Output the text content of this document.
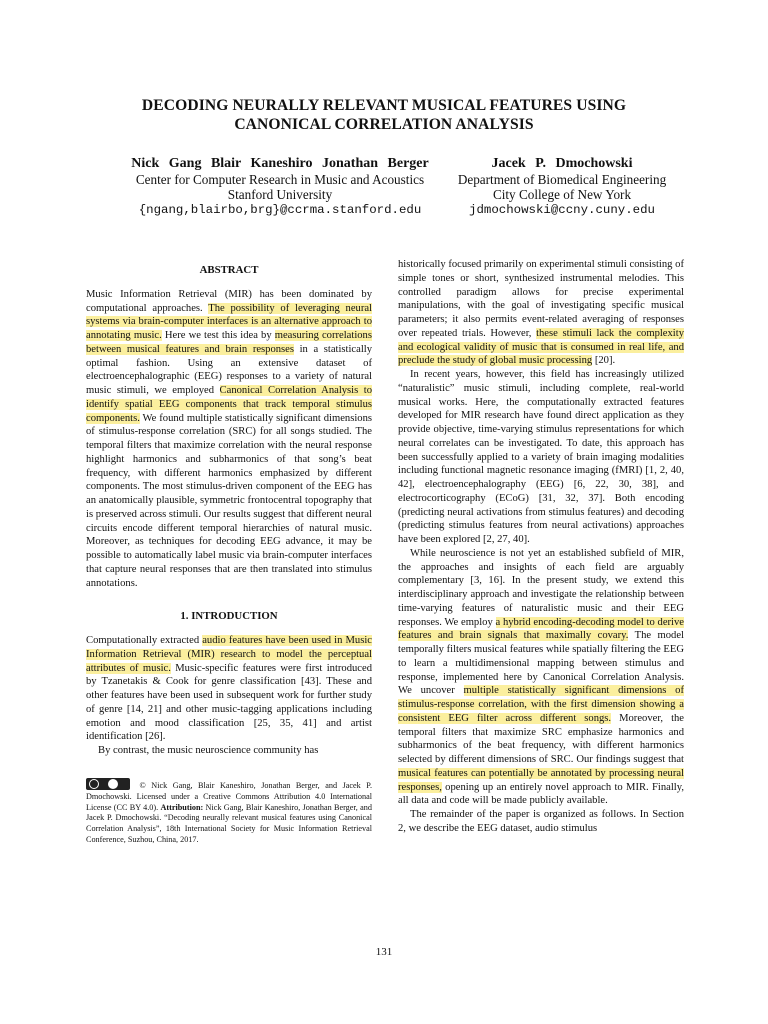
DECODING NEURALLY RELEVANT MUSICAL FEATURES USING
CANONICAL CORRELATION ANALYSIS
Nick Gang Blair Kaneshiro Jonathan Berger
Center for Computer Research in Music and Acoustics
Stanford University
{ngang,blairbo,brg}@ccrma.stanford.edu
Jacek P. Dmochowski
Department of Biomedical Engineering
City College of New York
jdmochowski@ccny.cuny.edu

ABSTRACT

Music Information Retrieval (MIR) has been dominated by computational approaches. The possibility of leveraging neural systems via brain-computer interfaces is an alternative approach to annotating music. Here we test this idea by measuring correlations between musical features and brain responses in a statistically optimal fashion. Using an extensive dataset of electroencephalographic (EEG) responses to a variety of natural music stimuli, we employed Canonical Correlation Analysis to identify spatial EEG components that track temporal stimulus components. We found multiple statistically significant dimensions of stimulus-response correlation (SRC) for all songs studied. The temporal filters that maximize correlation with the neural response highlight harmonics and subharmonics of that song’s beat frequency, with different harmonics emphasized by different components. The most stimulus-driven component of the EEG has an anatomically plausible, symmetric frontocentral topography that is preserved across stimuli. Our results suggest that different neural circuits encode different temporal hierarchies of natural music. Moreover, as techniques for decoding EEG advance, it may be possible to automatically label music via brain-computer interfaces that capture neural responses that are then translated into stimulus annotations.

1. INTRODUCTION

Computationally extracted audio features have been used in Music Information Retrieval (MIR) research to model the perceptual attributes of music. Music-specific features were first introduced by Tzanetakis & Cook for genre classification [43]. These and other features have been used in subsequent work for further study of genre [14, 21] and other music-tagging applications including emotion and mood classification [25, 35, 41] and artist identification [26].

By contrast, the music neuroscience community has

© Nick Gang, Blair Kaneshiro, Jonathan Berger, and Jacek P. Dmochowski. Licensed under a Creative Commons Attribution 4.0 International License (CC BY 4.0). Attribution: Nick Gang, Blair Kaneshiro, Jonathan Berger, and Jacek P. Dmochowski. “Decoding neurally relevant musical features using Canonical Correlation Analysis”, 18th International Society for Music Information Retrieval Conference, Suzhou, China, 2017.

historically focused primarily on experimental stimuli consisting of simple tones or short, synthesized instrumental melodies. This controlled paradigm allows for precise experimental manipulations, with the goal of investigating specific musical parameters; it also permits event-related averaging of responses over repeated trials. However, these stimuli lack the complexity and ecological validity of music that is consumed in real life, and preclude the study of global music processing [20].

In recent years, however, this field has increasingly utilized “naturalistic” music stimuli, including complete, real-world musical works. Here, the computationally extracted features developed for MIR research have found direct application as they provide objective, time-varying stimulus representations for which neural correlates can be investigated. To date, this approach has been successfully applied to a variety of brain imaging modalities including functional magnetic resonance imaging (fMRI) [1, 2, 40, 42], electroencephalography (EEG) [6, 22, 30, 38], and electrocorticography (ECoG) [31, 32, 37]. Both encoding (predicting neural activations from stimulus features) and decoding (predicting stimulus features from neural activations) approaches have been explored [2, 27, 40].

While neuroscience is not yet an established subfield of MIR, the approaches and insights of each field are arguably complementary [3, 16]. In the present study, we extend this interdisciplinary approach and investigate the relationship between time-varying features of naturalistic music and their EEG responses. We employ a hybrid encoding-decoding model to derive features and brain signals that maximally covary. The model temporally filters musical features while spatially filtering the EEG to learn a multidimensional mapping between stimulus and response, implemented here by Canonical Correlation Analysis. We uncover multiple statistically significant dimensions of stimulus-response correlation, with the first dimension showing a consistent EEG filter across different songs. Moreover, the temporal filters that maximize SRC emphasize harmonics and subharmonics of the beat frequency, with different harmonics selected by different dimensions of SRC. Our findings suggest that musical features can potentially be annotated by processing neural responses, opening up an entirely novel approach to MIR. Finally, all data and code will be made publicly available.

The remainder of the paper is organized as follows. In Section 2, we describe the EEG dataset, audio stimulus

131
